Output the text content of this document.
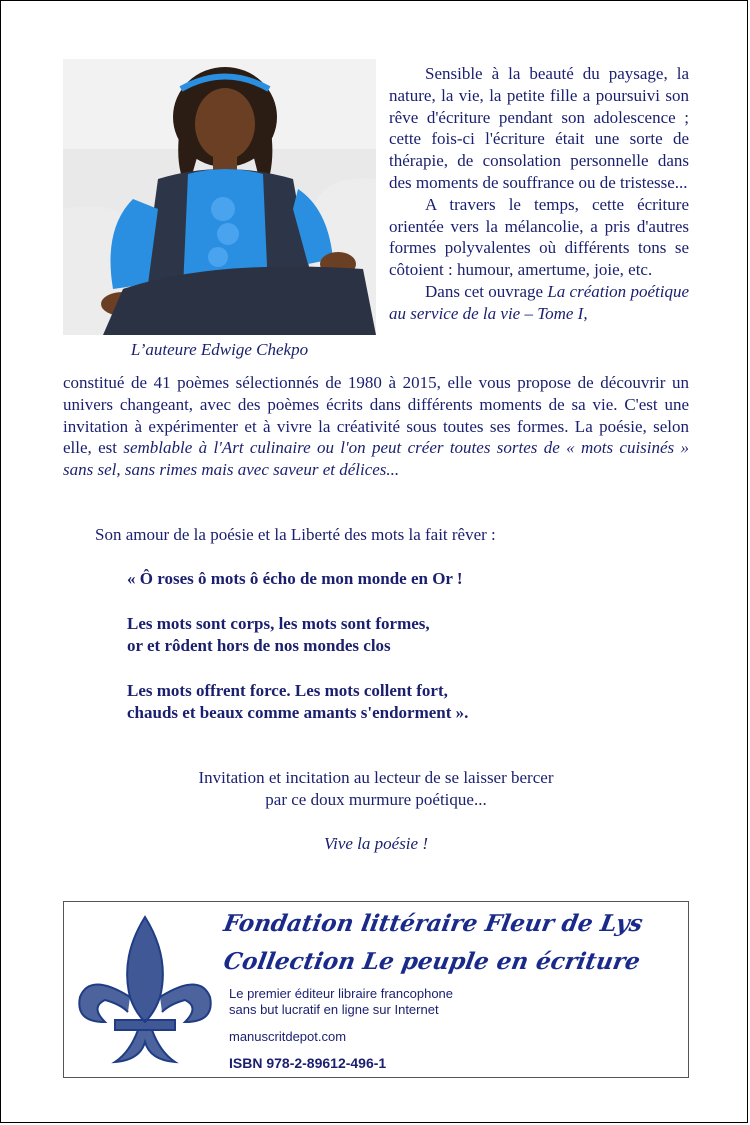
L’auteure Edwige Chekpo

Sensible à la beauté du paysage, la nature, la vie, la petite fille a poursuivi son rêve d'écriture pendant son adolescence ; cette fois-ci l'écriture était une sorte de thérapie, de consolation personnelle dans des moments de souffrance ou de tristesse...

A travers le temps, cette écriture orientée vers la mélancolie, a pris d'autres formes polyvalentes où différents tons se côtoient : humour, amertume, joie, etc.

Dans cet ouvrage La création poétique au service de la vie – Tome I,

constitué de 41 poèmes sélectionnés de 1980 à 2015, elle vous propose de découvrir un univers changeant, avec des poèmes écrits dans différents moments de sa vie. C'est une invitation à expérimenter et à vivre la créativité sous toutes ses formes. La poésie, selon elle, est semblable à l'Art culinaire ou l'on peut créer toutes sortes de « mots cuisinés » sans sel, sans rimes mais avec saveur et délices...
Son amour de la poésie et la Liberté des mots la fait rêver :
« Ô roses ô mots ô écho de mon monde en Or !
Les mots sont corps, les mots sont formes,
or et rôdent hors de nos mondes clos
Les mots offrent force. Les mots collent fort,
chauds et beaux comme amants s'endorment ».
Invitation et incitation au lecteur de se laisser bercer
par ce doux murmure poétique...
Vive la poésie !
Fondation littéraire Fleur de Lys
Collection Le peuple en écriture
Le premier éditeur libraire francophone
sans but lucratif en ligne sur Internet
manuscritdepot.com
ISBN 978-2-89612-496-1
